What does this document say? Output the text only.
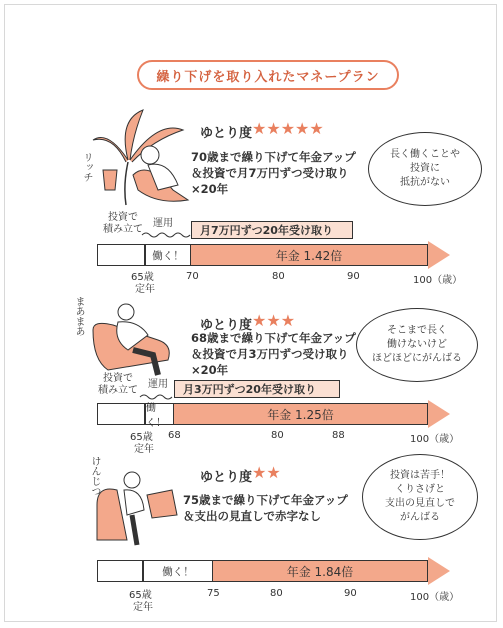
繰り下げを取り入れたマネープラン
リッチ
ゆとり度 ★★★★★
70歳まで繰り下げて年金アップ
＆投資で月7万円ずつ受け取り
×20年
長く働くことや
投資に
抵抗がない
投資で
積み立て
運用
月7万円ずつ20年受け取り
働く！	年金 1.42倍
65歳
定年
70	80	90	100（歳）
まあまあ	ゆとり度 ★★★
68歳まで繰り下げて年金アップ
＆投資で月3万円ずつ受け取り
×20年
そこまで長く
働けないけど
ほどほどにがんばる
投資で
積み立て
運用	月3万円ずつ20年受け取り
働く！
年金 1.25倍
65歳
定年
68	80	88	100（歳）
けんじつ	ゆとり度 ★★
75歳まで繰り下げて年金アップ
＆支出の見直しで赤字なし
投資は苦手！
くりさげと
支出の見直しで
がんばる
働く！	年金 1.84倍
65歳
定年
75	80	90	100（歳）
